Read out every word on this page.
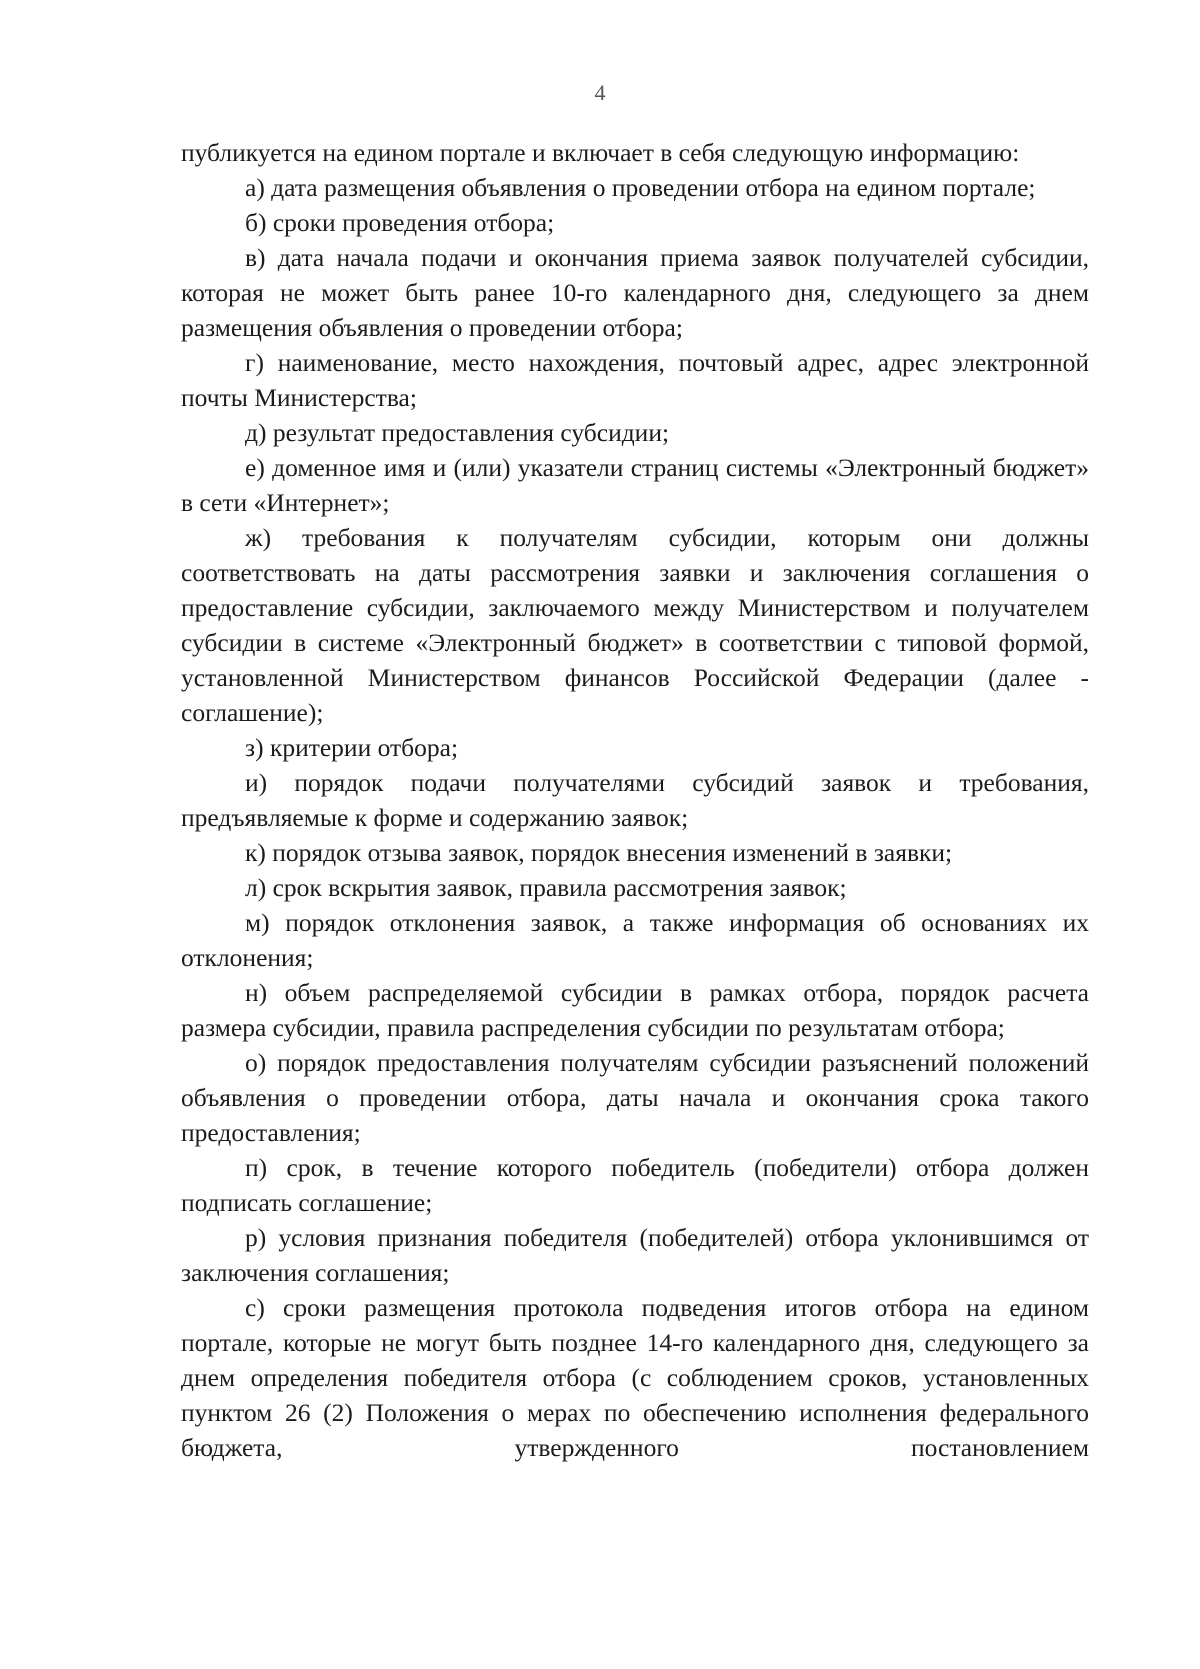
4

публикуется на едином портале и включает в себя следующую информацию:

а) дата размещения объявления о проведении отбора на едином портале;

б) сроки проведения отбора;

в) дата начала подачи и окончания приема заявок получателей субсидии, которая не может быть ранее 10-го календарного дня, следующего за днем размещения объявления о проведении отбора;

г) наименование, место нахождения, почтовый адрес, адрес электронной почты Министерства;

д) результат предоставления субсидии;

е) доменное имя и (или) указатели страниц системы «Электронный бюджет» в сети «Интернет»;

ж) требования к получателям субсидии, которым они должны соответствовать на даты рассмотрения заявки и заключения соглашения о предоставление субсидии, заключаемого между Министерством и получателем субсидии в системе «Электронный бюджет» в соответствии с типовой формой, установленной Министерством финансов Российской Федерации (далее - соглашение);

з) критерии отбора;

и) порядок подачи получателями субсидий заявок и требования, предъявляемые к форме и содержанию заявок;

к) порядок отзыва заявок, порядок внесения изменений в заявки;

л) срок вскрытия заявок, правила рассмотрения заявок;

м) порядок отклонения заявок, а также информация об основаниях их отклонения;

н) объем распределяемой субсидии в рамках отбора, порядок расчета размера субсидии, правила распределения субсидии по результатам отбора;

о) порядок предоставления получателям субсидии разъяснений положений объявления о проведении отбора, даты начала и окончания срока такого предоставления;

п) срок, в течение которого победитель (победители) отбора должен подписать соглашение;

р) условия признания победителя (победителей) отбора уклонившимся от заключения соглашения;

с) сроки размещения протокола подведения итогов отбора на едином портале, которые не могут быть позднее 14-го календарного дня, следующего за днем определения победителя отбора (с соблюдением сроков, установленных пунктом 26 (2) Положения о мерах по обеспечению исполнения федерального бюджета, утвержденного постановлением
